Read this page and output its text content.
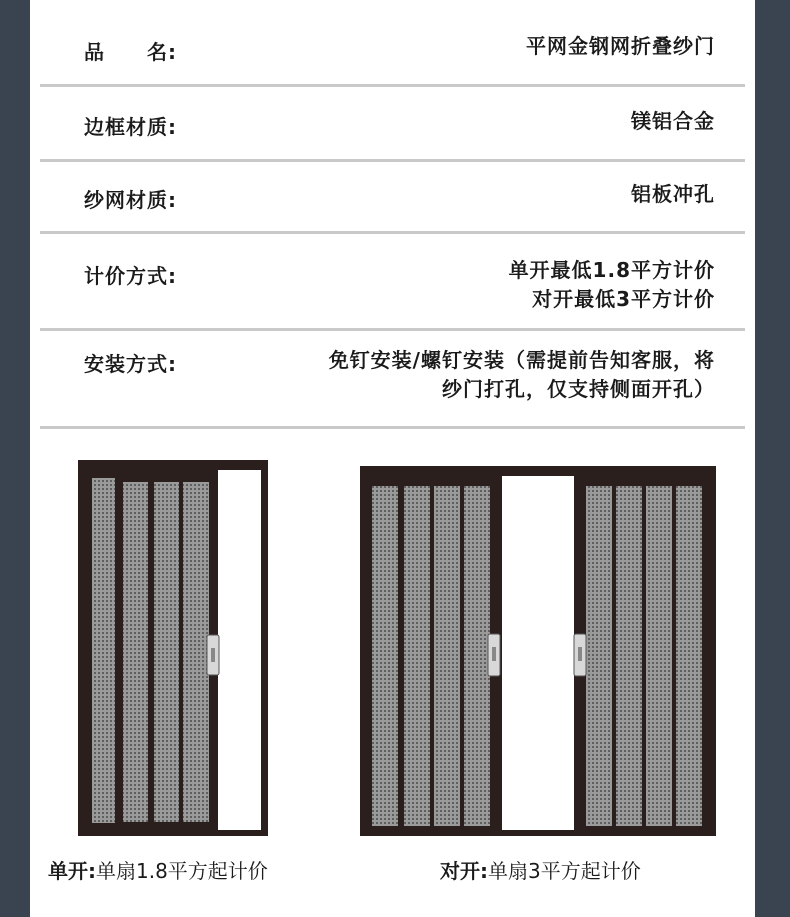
品　　名:	平网金钢网折叠纱门
边框材质:	镁铝合金
纱网材质:	铝板冲孔
计价方式:	单开最低1.8平方计价
对开最低3平方计价
安装方式:	免钉安装/螺钉安装（需提前告知客服，将
纱门打孔，仅支持侧面开孔）
单开:单扇1.8平方起计价	对开:单扇3平方起计价
